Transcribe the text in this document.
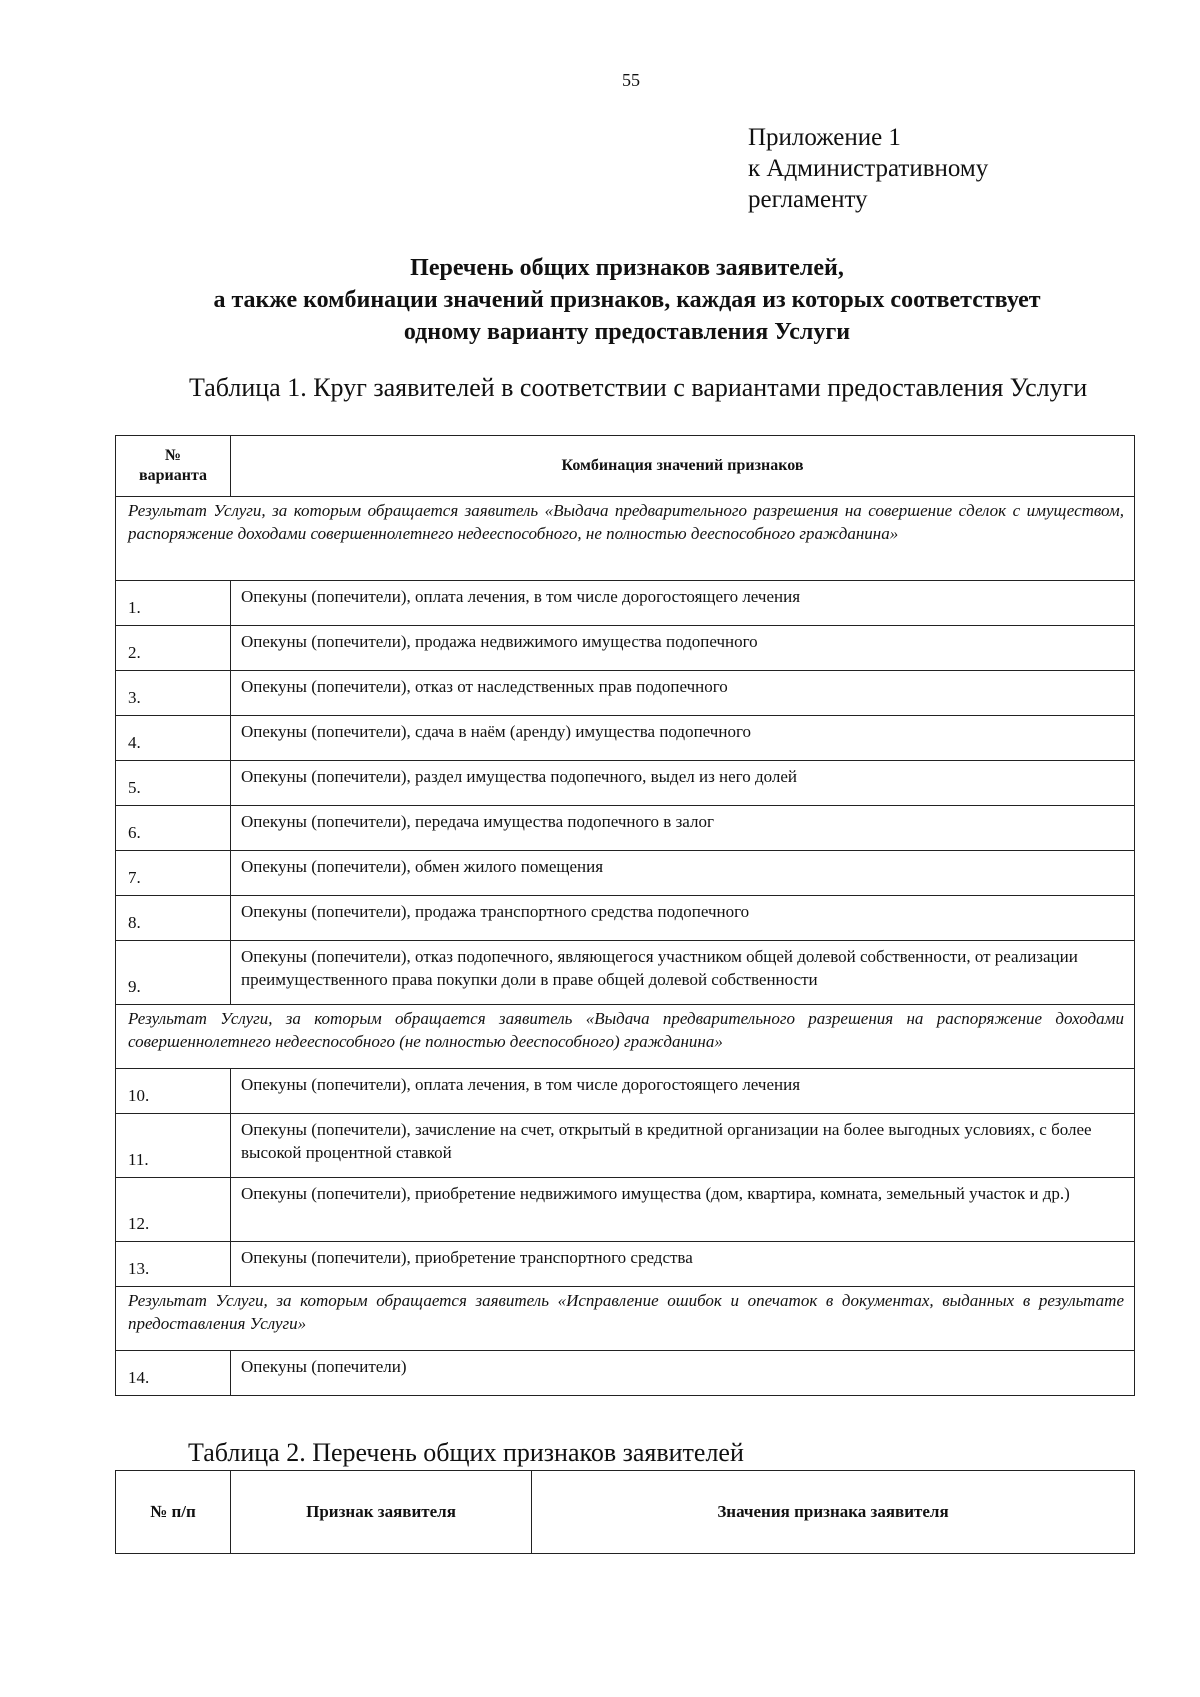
55
Приложение 1
к Административному
регламенту
Перечень общих признаков заявителей,
а также комбинации значений признаков, каждая из которых соответствует
одному варианту предоставления Услуги
Таблица 1. Круг заявителей в соответствии с вариантами предоставления Услуги
№
варианта	Комбинация значений признаков
Результат Услуги, за которым обращается заявитель «Выдача предварительного разрешения на совершение сделок с имуществом, распоряжение доходами совершеннолетнего недееспособного, не полностью дееспособного гражданина»	
1.	Опекуны (попечители), оплата лечения, в том числе дорогостоящего лечения
2.	Опекуны (попечители), продажа недвижимого имущества подопечного
3.	Опекуны (попечители), отказ от наследственных прав подопечного
4.	Опекуны (попечители), сдача в наём (аренду) имущества подопечного
5.	Опекуны (попечители), раздел имущества подопечного, выдел из него долей
6.	Опекуны (попечители), передача имущества подопечного в залог
7.	Опекуны (попечители), обмен жилого помещения
8.	Опекуны (попечители), продажа транспортного средства подопечного
9.	Опекуны (попечители), отказ подопечного, являющегося участником общей долевой собственности, от реализации преимущественного права покупки доли в праве общей долевой собственности
Результат Услуги, за которым обращается заявитель «Выдача предварительного разрешения на распоряжение доходами совершеннолетнего недееспособного (не полностью дееспособного) гражданина»	
10.	Опекуны (попечители), оплата лечения, в том числе дорогостоящего лечения
11.	Опекуны (попечители), зачисление на счет, открытый в кредитной организации на более выгодных условиях, с более высокой процентной ставкой
12.	Опекуны (попечители), приобретение недвижимого имущества (дом, квартира, комната, земельный участок и др.)
13.	Опекуны (попечители), приобретение транспортного средства
Результат Услуги, за которым обращается заявитель «Исправление ошибок и опечаток в документах, выданных в результате предоставления Услуги»	
14.	Опекуны (попечители)
Таблица 2. Перечень общих признаков заявителей
№ п/п	Признак заявителя	Значения признака заявителя
